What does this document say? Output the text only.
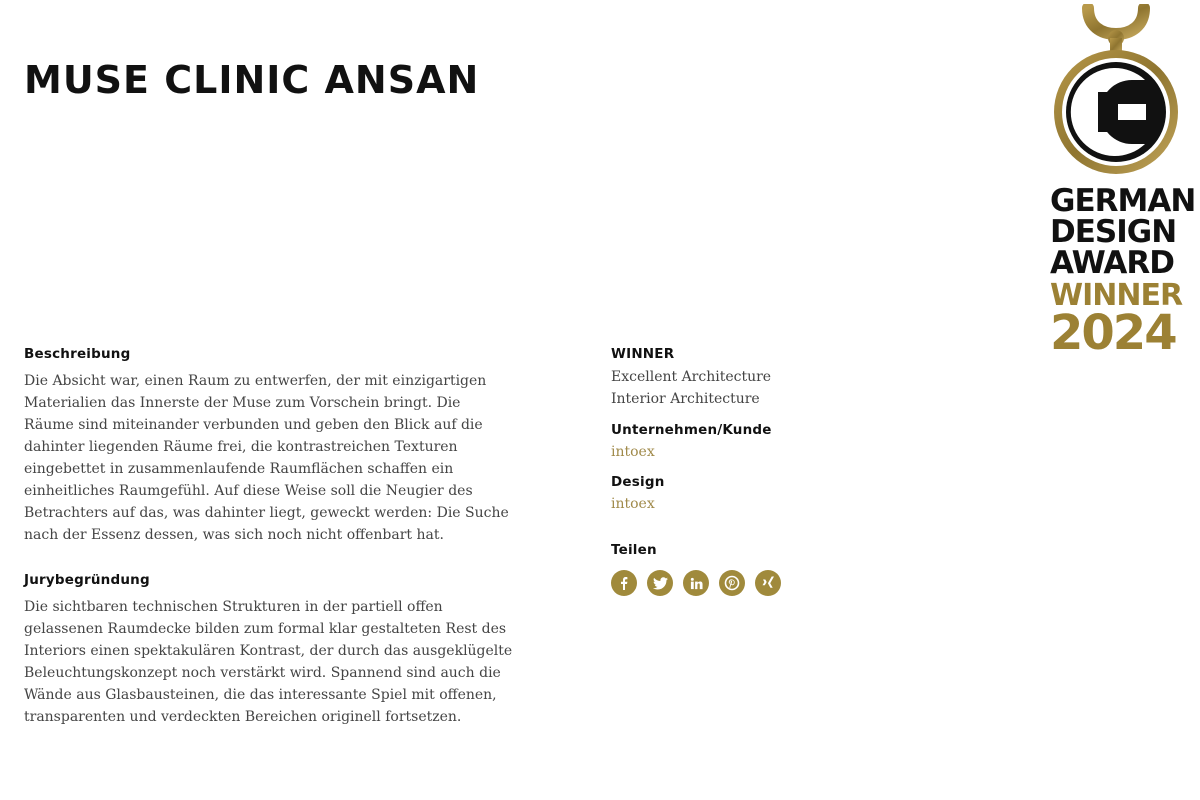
MUSE CLINIC ANSAN
GERMAN
DESIGN
AWARD
WINNER
2024
Beschreibung

Die Absicht war, einen Raum zu entwerfen, der mit einzigartigen Materialien das Innerste der Muse zum Vorschein bringt. Die Räume sind miteinander verbunden und geben den Blick auf die dahinter liegenden Räume frei, die kontrastreichen Texturen eingebettet in zusammenlaufende Raumflächen schaffen ein einheitliches Raumgefühl. Auf diese Weise soll die Neugier des Betrachters auf das, was dahinter liegt, geweckt werden: Die Suche nach der Essenz dessen, was sich noch nicht offenbart hat.

Jurybegründung

Die sichtbaren technischen Strukturen in der partiell offen gelassenen Raumdecke bilden zum formal klar gestalteten Rest des Interiors einen spektakulären Kontrast, der durch das ausgeklügelte Beleuchtungskonzept noch verstärkt wird. Spannend sind auch die Wände aus Glasbausteinen, die das interessante Spiel mit offenen, transparenten und verdeckten Bereichen originell fortsetzen.

WINNER
Excellent Architecture
Interior Architecture
Unternehmen/Kunde
intoex
Design
intoex
Teilen
